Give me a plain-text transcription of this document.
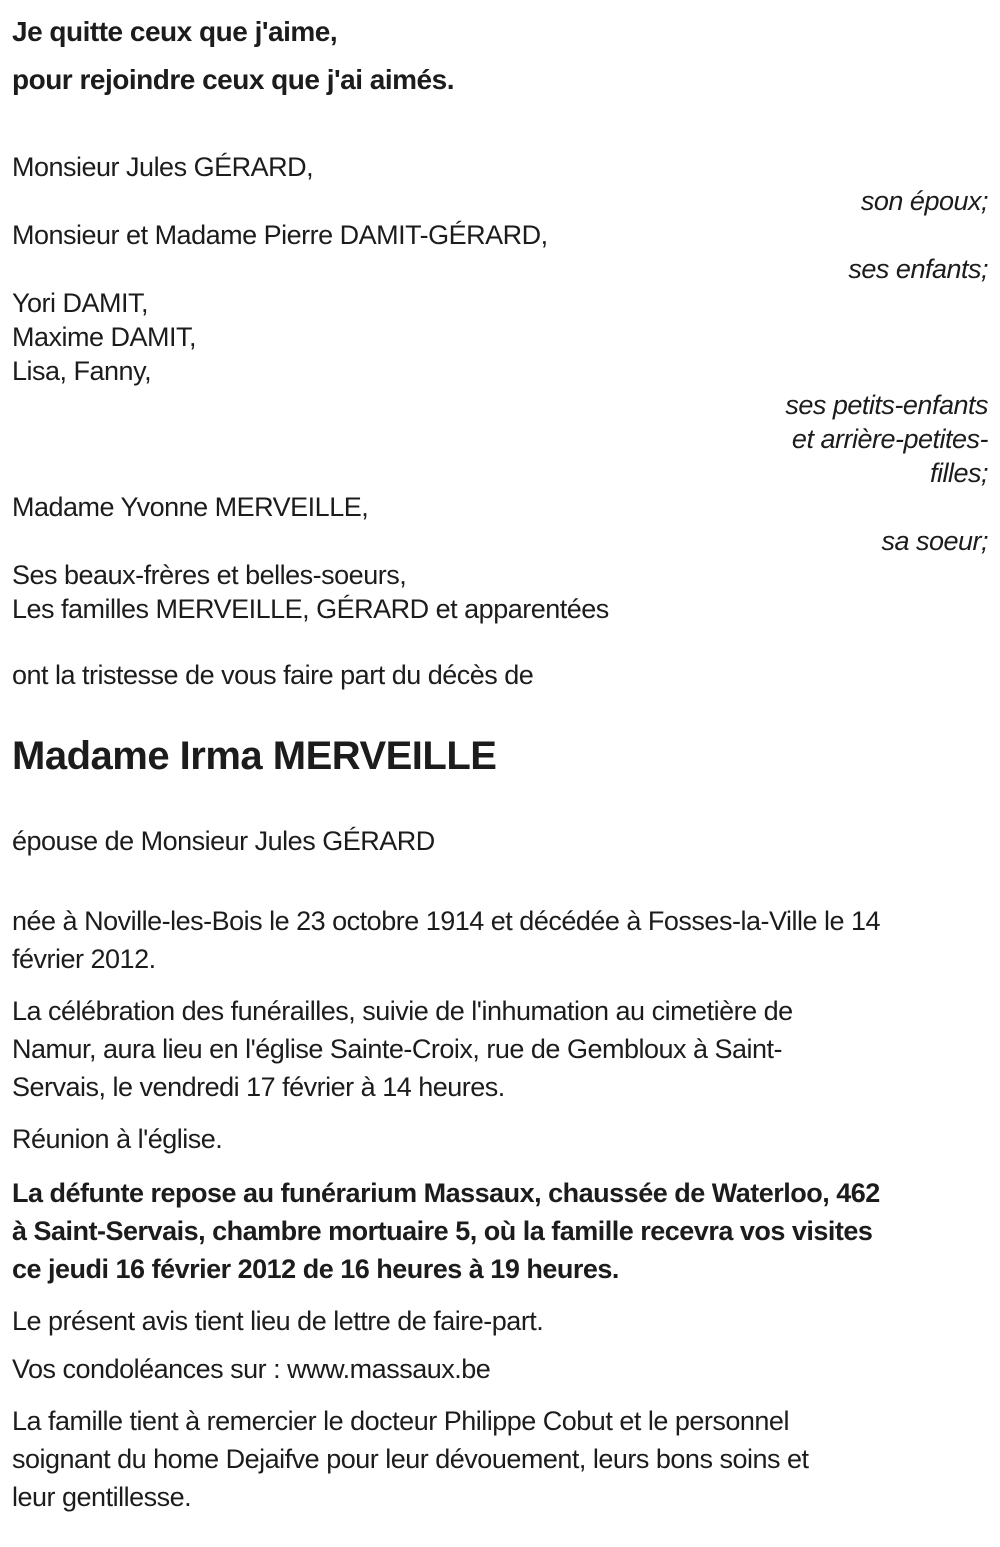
Je quitte ceux que j'aime,
pour rejoindre ceux que j'ai aimés.
Monsieur Jules GÉRARD,
son époux;
Monsieur et Madame Pierre DAMIT-GÉRARD,
ses enfants;
Yori DAMIT,
Maxime DAMIT,
Lisa, Fanny,
ses petits-enfants
et arrière-petites-
filles;
Madame Yvonne MERVEILLE,
sa soeur;
Ses beaux-frères et belles-soeurs,
Les familles MERVEILLE, GÉRARD et apparentées
ont la tristesse de vous faire part du décès de
Madame Irma MERVEILLE
épouse de Monsieur Jules GÉRARD
née à Noville-les-Bois le 23 octobre 1914 et décédée à Fosses-la-Ville le 14
février 2012.
La célébration des funérailles, suivie de l'inhumation au cimetière de
Namur, aura lieu en l'église Sainte-Croix, rue de Gembloux à Saint-
Servais, le vendredi 17 février à 14 heures.
Réunion à l'église.
La défunte repose au funérarium Massaux, chaussée de Waterloo, 462
à Saint-Servais, chambre mortuaire 5, où la famille recevra vos visites
ce jeudi 16 février 2012 de 16 heures à 19 heures.
Le présent avis tient lieu de lettre de faire-part.
Vos condoléances sur : www.massaux.be
La famille tient à remercier le docteur Philippe Cobut et le personnel
soignant du home Dejaifve pour leur dévouement, leurs bons soins et
leur gentillesse.
